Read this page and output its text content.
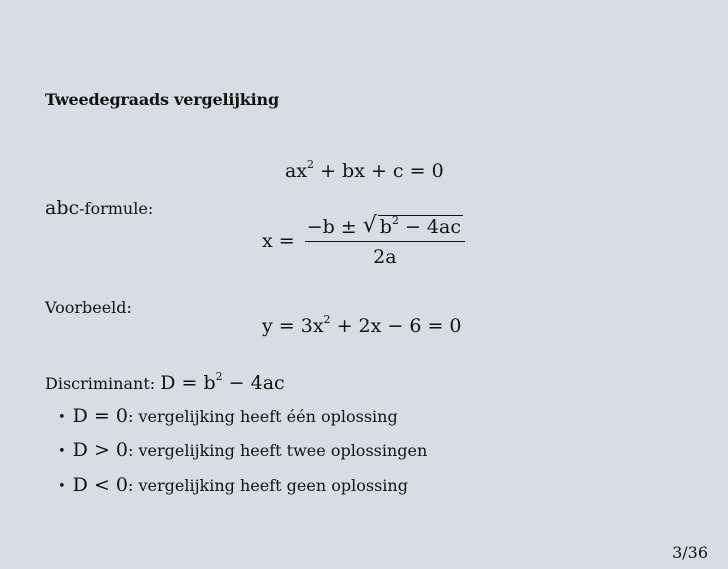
Tweedegraads vergelijking
$ax^2$ + bx + c = 0
abc-formule:
$x = \frac{-b \pm √ b^2 - 4ac}{2a}$
Voorbeeld:
$y = 3x^2 + 2x - 6 = 0$
Discriminant: $D = b^2 - 4ac$
• D = 0: vergelijking heeft één oplossing
• D > 0: vergelijking heeft twee oplossingen
• D < 0: vergelijking heeft geen oplossing
3/36
